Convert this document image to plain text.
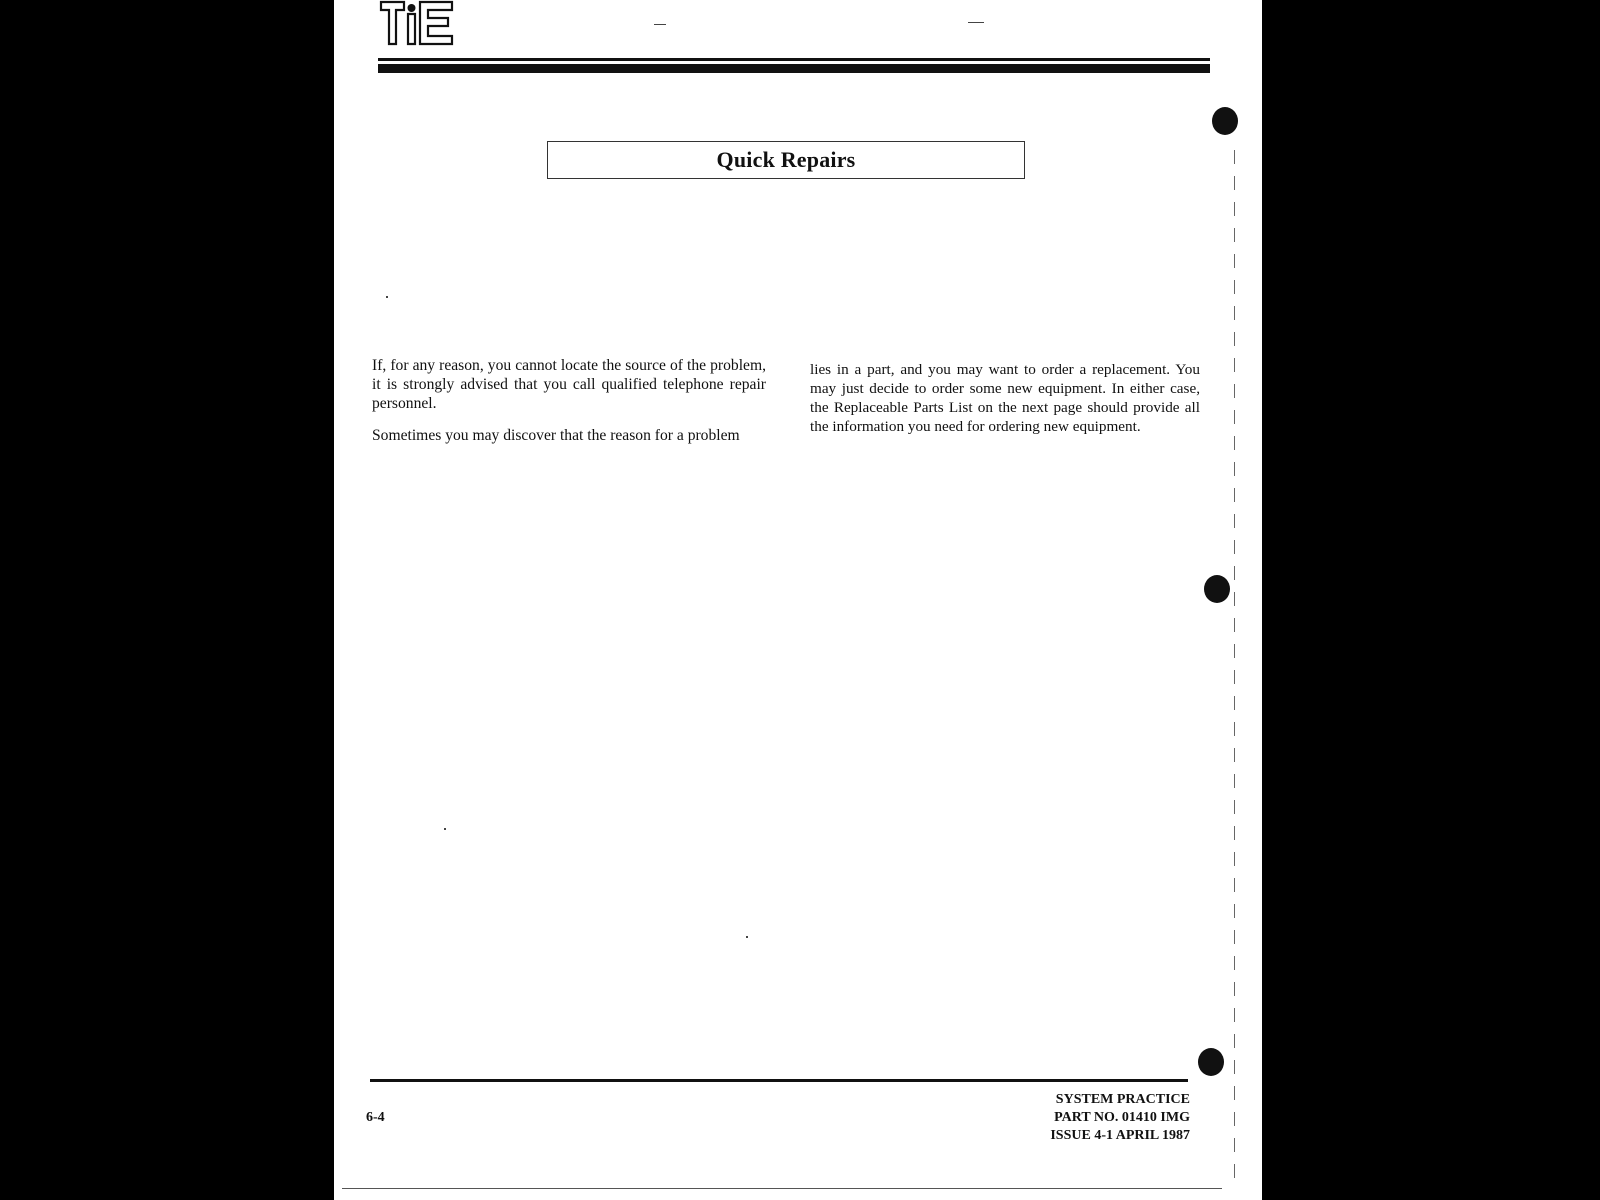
Quick Repairs

If, for any reason, you cannot locate the source of the problem, it is strongly advised that you call qualified telephone repair personnel.

Sometimes you may discover that the reason for a problem

lies in a part, and you may want to order a replacement. You may just decide to order some new equipment. In either case, the Replaceable Parts List on the next page should provide all the information you need for ordering new equipment.

6-4
SYSTEM PRACTICE
PART NO. 01410 IMG
ISSUE 4-1 APRIL 1987
